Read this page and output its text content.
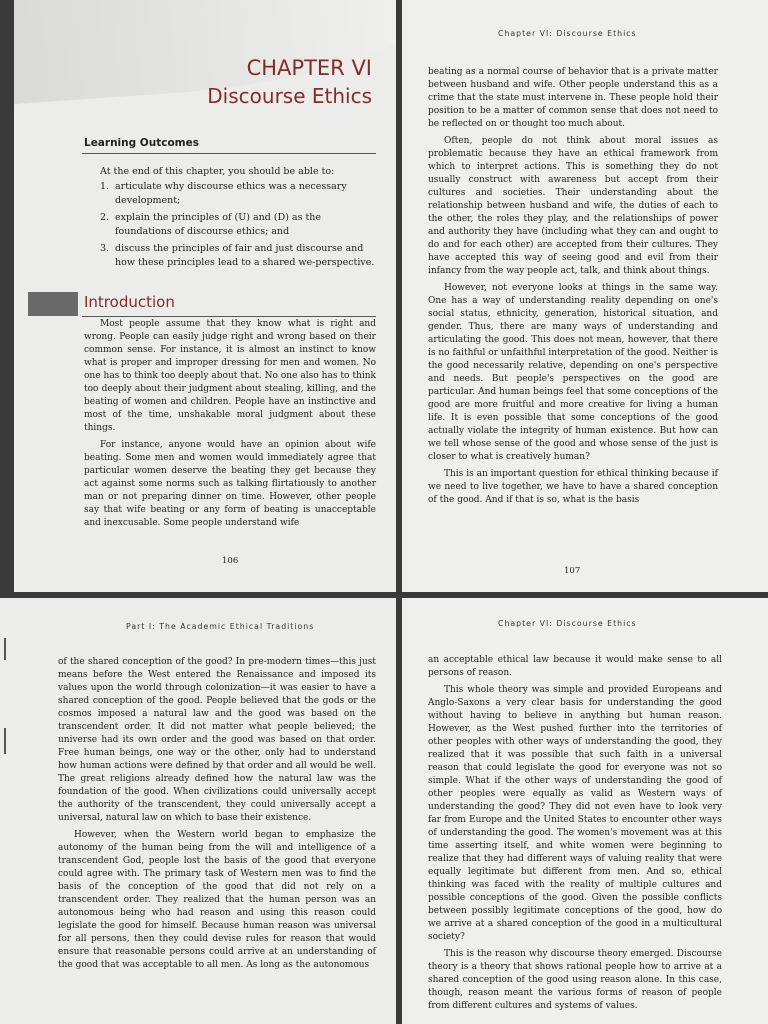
CHAPTER VI
Discourse Ethics
Learning Outcomes
At the end of this chapter, you should be able to:
1. articulate why discourse ethics was a necessary development;
2. explain the principles of (U) and (D) as the foundations of discourse ethics; and
3. discuss the principles of fair and just discourse and how these principles lead to a shared we-perspective.
Introduction

Most people assume that they know what is right and wrong. People can easily judge right and wrong based on their common sense. For instance, it is almost an instinct to know what is proper and improper dressing for men and women. No one has to think too deeply about that. No one also has to think too deeply about their judgment about stealing, killing, and the beating of women and children. People have an instinctive and most of the time, unshakable moral judgment about these things.

For instance, anyone would have an opinion about wife beating. Some men and women would immediately agree that particular women deserve the beating they get because they act against some norms such as talking flirtatiously to another man or not preparing dinner on time. However, other people say that wife beating or any form of beating is unacceptable and inexcusable. Some people understand wife

106
Chapter VI: Discourse Ethics

beating as a normal course of behavior that is a private matter between husband and wife. Other people understand this as a crime that the state must intervene in. These people hold their position to be a matter of common sense that does not need to be reflected on or thought too much about.

Often, people do not think about moral issues as problematic because they have an ethical framework from which to interpret actions. This is something they do not usually construct with awareness but accept from their cultures and societies. Their understanding about the relationship between husband and wife, the duties of each to the other, the roles they play, and the relationships of power and authority they have (including what they can and ought to do and for each other) are accepted from their cultures. They have accepted this way of seeing good and evil from their infancy from the way people act, talk, and think about things.

However, not everyone looks at things in the same way. One has a way of understanding reality depending on one's social status, ethnicity, generation, historical situation, and gender. Thus, there are many ways of understanding and articulating the good. This does not mean, however, that there is no faithful or unfaithful interpretation of the good. Neither is the good necessarily relative, depending on one's perspective and needs. But people's perspectives on the good are particular. And human beings feel that some conceptions of the good are more fruitful and more creative for living a human life. It is even possible that some conceptions of the good actually violate the integrity of human existence. But how can we tell whose sense of the good and whose sense of the just is closer to what is creatively human?

This is an important question for ethical thinking because if we need to live together, we have to have a shared conception of the good. And if that is so, what is the basis

107
Part I: The Academic Ethical Traditions

of the shared conception of the good? In pre-modern times—this just means before the West entered the Renaissance and imposed its values upon the world through colonization—it was easier to have a shared conception of the good. People believed that the gods or the cosmos imposed a natural law and the good was based on the transcendent order. It did not matter what people believed; the universe had its own order and the good was based on that order. Free human beings, one way or the other, only had to understand how human actions were defined by that order and all would be well. The great religions already defined how the natural law was the foundation of the good. When civilizations could universally accept the authority of the transcendent, they could universally accept a universal, natural law on which to base their existence.

However, when the Western world began to emphasize the autonomy of the human being from the will and intelligence of a transcendent God, people lost the basis of the good that everyone could agree with. The primary task of Western men was to find the basis of the conception of the good that did not rely on a transcendent order. They realized that the human person was an autonomous being who had reason and using this reason could legislate the good for himself. Because human reason was universal for all persons, then they could devise rules for reason that would ensure that reasonable persons could arrive at an understanding of the good that was acceptable to all men. As long as the autonomous

Chapter VI: Discourse Ethics

an acceptable ethical law because it would make sense to all persons of reason.

This whole theory was simple and provided Europeans and Anglo-Saxons a very clear basis for understanding the good without having to believe in anything but human reason. However, as the West pushed further into the territories of other peoples with other ways of understanding the good, they realized that it was possible that such faith in a universal reason that could legislate the good for everyone was not so simple. What if the other ways of understanding the good of other peoples were equally as valid as Western ways of understanding the good? They did not even have to look very far from Europe and the United States to encounter other ways of understanding the good. The women's movement was at this time asserting itself, and white women were beginning to realize that they had different ways of valuing reality that were equally legitimate but different from men. And so, ethical thinking was faced with the reality of multiple cultures and possible conceptions of the good. Given the possible conflicts between possibly legitimate conceptions of the good, how do we arrive at a shared conception of the good in a multicultural society?

This is the reason why discourse theory emerged. Discourse theory is a theory that shows rational people how to arrive at a shared conception of the good using reason alone. In this case, though, reason meant the various forms of reason of people from different cultures and systems of values.
